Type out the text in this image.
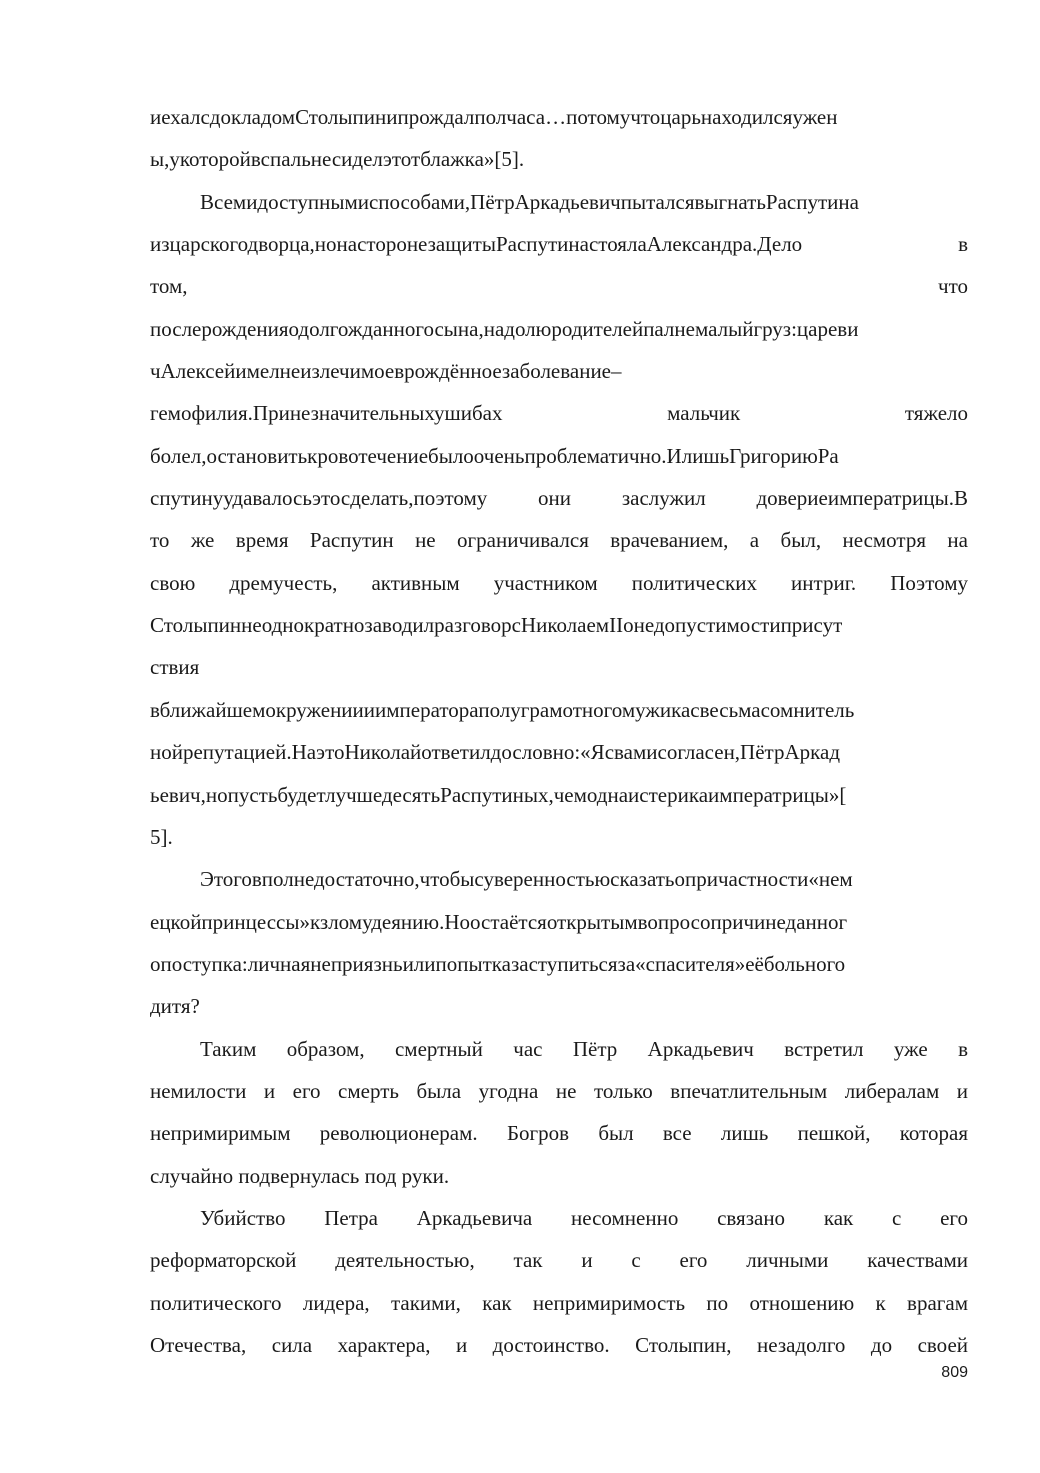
иехалсдокладомСтолыпинипрождалполчаса…потомучтоцарьнаходилсяужен
ы,укоторойвспальнесиделэтотблажка»[5].
Всемидоступнымиспособами,ПётрАркадьевичпыталсявыгнатьРаспутина
изцарскогодворца,нонасторонезащитыРаспутинастоялаАлександра.Дело в
том, что
послерожденияодолгожданногосына,надолюродителейпалнемалыйгруз:цареви
чАлексейимелнеизлечимоеврождённоезаболевание–
гемофилия.Принезначительныхушибах мальчик тяжело
болел,остановитькровотечениебылооченьпроблематично.ИлишьГригориюРа
спутинуудавалосьэтосделать,поэтому они заслужил довериеимператрицы.В
то же время Распутин не ограничивался врачеванием, а был, несмотря на
свою дремучесть, активным участником политических интриг. Поэтому
СтолыпиннеоднократнозаводилразговорсНиколаемIIонедопустимостиприсут
ствия
вближайшемокружениииимператораполуграмотногомужикасвесьмасомнитель
нойрепутацией.НаэтоНиколайответилдословно:«Ясвамисогласен,ПётрАркад
ьевич,нопустьбудетлучшедесятьРаспутиных,чемоднаистерикаимператрицы»[
5].
Этоговполнедостаточно,чтобысуверенностьюсказатьопричастности«нем
ецкойпринцессы»кзломудеянию.Ноостаётсяоткрытымвопросопричинеданног
опоступка:личнаянеприязньилипопытказаступитьсяза«спасителя»еёбольного
дитя?
Таким образом, смертный час Пётр Аркадьевич встретил уже в
немилости и его смерть была угодна не только впечатлительным либералам и
непримиримым революционерам. Богров был все лишь пешкой, которая
случайно подвернулась под руки.
Убийство Петра Аркадьевича несомненно связано как с его
реформаторской деятельностью, так и с его личными качествами
политического лидера, такими, как непримиримость по отношению к врагам
Отечества, сила характера, и достоинство. Столыпин, незадолго до своей
809
